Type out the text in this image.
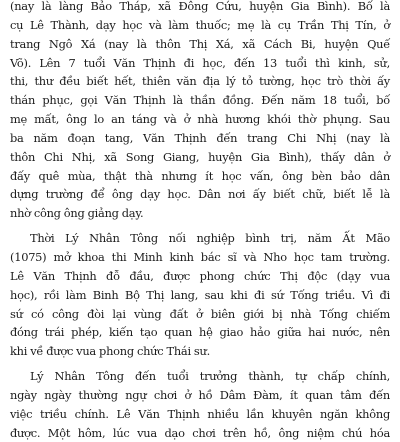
(nay là làng Bảo Tháp, xã Đông Cứu, huyện Gia Bình). Bố là
cụ Lê Thành, dạy học và làm thuốc; mẹ là cụ Trần Thị Tín, ở
trang Ngô Xá (nay là thôn Thị Xá, xã Cách Bi, huyện Quế
Võ). Lên 7 tuổi Văn Thịnh đi học, đến 13 tuổi thì kinh, sử,
thi, thư đều biết hết, thiên văn địa lý tỏ tường, học trò thời ấy
thán phục, gọi Văn Thịnh là thần đồng. Đến năm 18 tuổi, bố
mẹ mất, ông lo an táng và ở nhà hương khói thờ phụng. Sau
ba năm đoạn tang, Văn Thịnh đến trang Chi Nhị (nay là
thôn Chi Nhị, xã Song Giang, huyện Gia Bình), thấy dân ở
đấy quê mùa, thật thà nhưng ít học vấn, ông bèn bảo dân
dựng trường để ông dạy học. Dân nơi ấy biết chữ, biết lễ là
nhờ công ông giảng dạy.

Thời Lý Nhân Tông nối nghiệp bình trị, năm Ất Mão
(1075) mở khoa thi Minh kinh bác sĩ và Nho học tam trường.
Lê Văn Thịnh đỗ đầu, được phong chức Thị độc (dạy vua
học), rồi làm Binh Bộ Thị lang, sau khi đi sứ Tống triều. Vì đi
sứ có công đòi lại vùng đất ở biên giới bị nhà Tống chiếm
đóng trái phép, kiến tạo quan hệ giao hảo giữa hai nước, nên
khi về được vua phong chức Thái sư.

Lý Nhân Tông đến tuổi trưởng thành, tự chấp chính,
ngày ngày thường ngự chơi ở hồ Dâm Đàm, ít quan tâm đến
việc triều chính. Lê Văn Thịnh nhiều lần khuyên ngăn không
được. Một hôm, lúc vua dạo chơi trên hồ, ông niệm chú hóa
